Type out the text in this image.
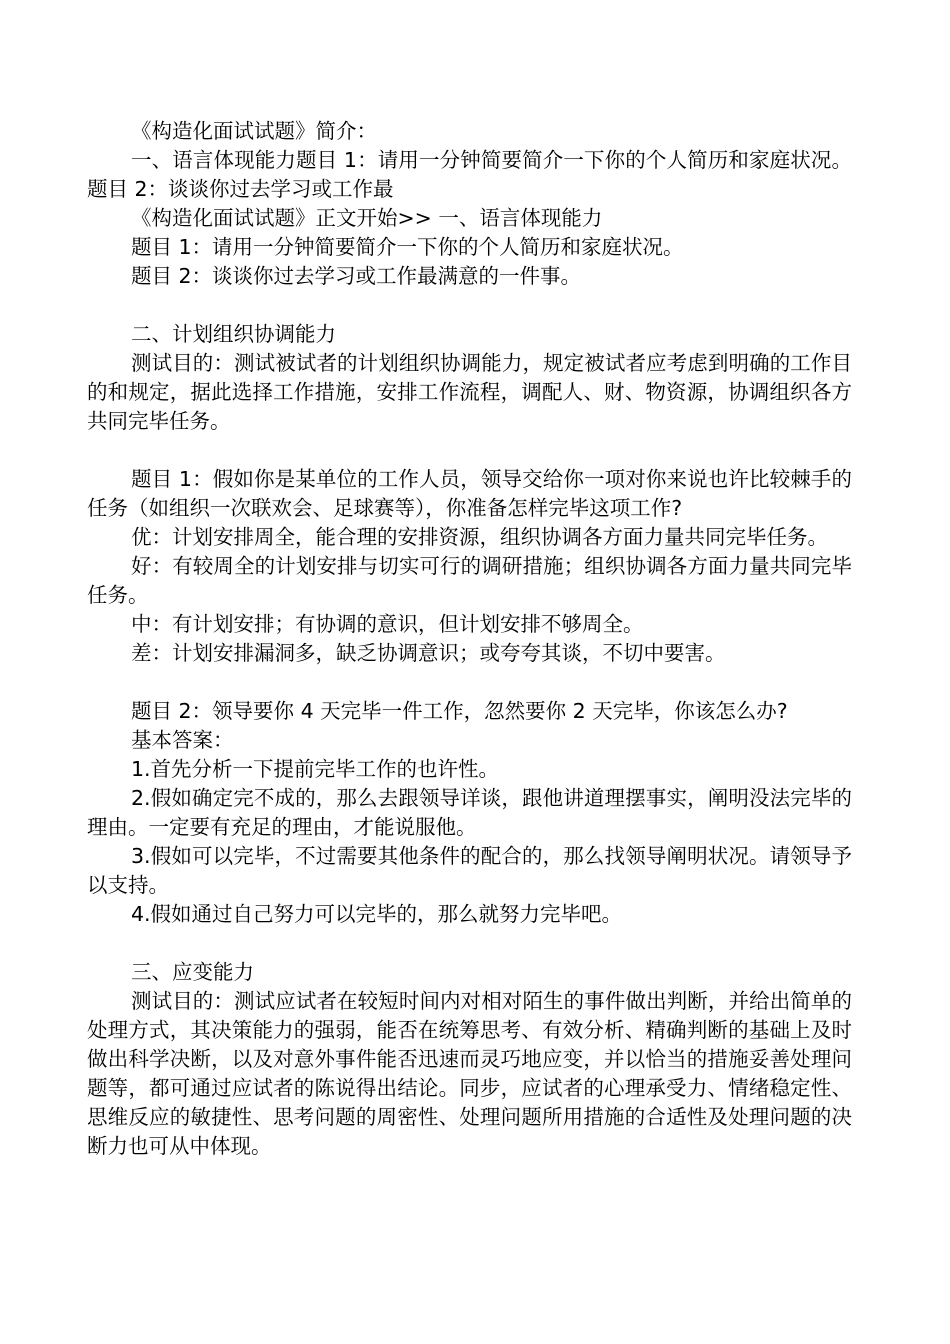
《构造化面试试题》简介：

一、语言体现能力题目 1：请用一分钟简要简介一下你的个人简历和家庭状况。题目 2：谈谈你过去学习或工作最

《构造化面试试题》正文开始>> 一、语言体现能力

题目 1：请用一分钟简要简介一下你的个人简历和家庭状况。

题目 2：谈谈你过去学习或工作最满意的一件事。

二、计划组织协调能力

测试目的：测试被试者的计划组织协调能力，规定被试者应考虑到明确的工作目的和规定，据此选择工作措施，安排工作流程，调配人、财、物资源，协调组织各方共同完毕任务。

题目 1：假如你是某单位的工作人员，领导交给你一项对你来说也许比较棘手的任务（如组织一次联欢会、足球赛等），你准备怎样完毕这项工作?

优：计划安排周全，能合理的安排资源，组织协调各方面力量共同完毕任务。

好：有较周全的计划安排与切实可行的调研措施；组织协调各方面力量共同完毕任务。

中：有计划安排；有协调的意识，但计划安排不够周全。

差：计划安排漏洞多，缺乏协调意识；或夸夸其谈，不切中要害。

题目 2：领导要你 4 天完毕一件工作，忽然要你 2 天完毕，你该怎么办?

基本答案：

1.首先分析一下提前完毕工作的也许性。

2.假如确定完不成的，那么去跟领导详谈，跟他讲道理摆事实，阐明没法完毕的理由。一定要有充足的理由，才能说服他。

3.假如可以完毕，不过需要其他条件的配合的，那么找领导阐明状况。请领导予以支持。

4.假如通过自己努力可以完毕的，那么就努力完毕吧。

三、应变能力

测试目的：测试应试者在较短时间内对相对陌生的事件做出判断，并给出简单的处理方式，其决策能力的强弱，能否在统筹思考、有效分析、精确判断的基础上及时做出科学决断，以及对意外事件能否迅速而灵巧地应变，并以恰当的措施妥善处理问题等，都可通过应试者的陈说得出结论。同步，应试者的心理承受力、情绪稳定性、思维反应的敏捷性、思考问题的周密性、处理问题所用措施的合适性及处理问题的决断力也可从中体现。
